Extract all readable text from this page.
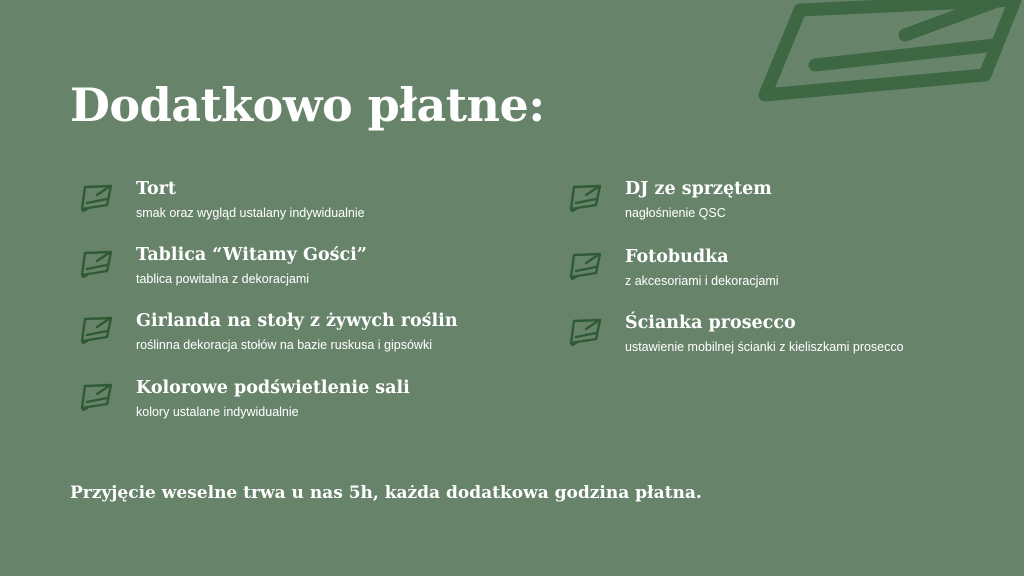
Dodatkowo płatne:
Tort
smak oraz wygląd ustalany indywidualnie
Tablica “Witamy Gości”
tablica powitalna z dekoracjami
Girlanda na stoły z żywych roślin
roślinna dekoracja stołów na bazie ruskusa i gipsówki
Kolorowe podświetlenie sali
kolory ustalane indywidualnie
DJ ze sprzętem
nagłośnienie QSC
Fotobudka
z akcesoriami i dekoracjami
Ścianka prosecco
ustawienie mobilnej ścianki z kieliszkami prosecco

Przyjęcie weselne trwa u nas 5h, każda dodatkowa godzina płatna.
